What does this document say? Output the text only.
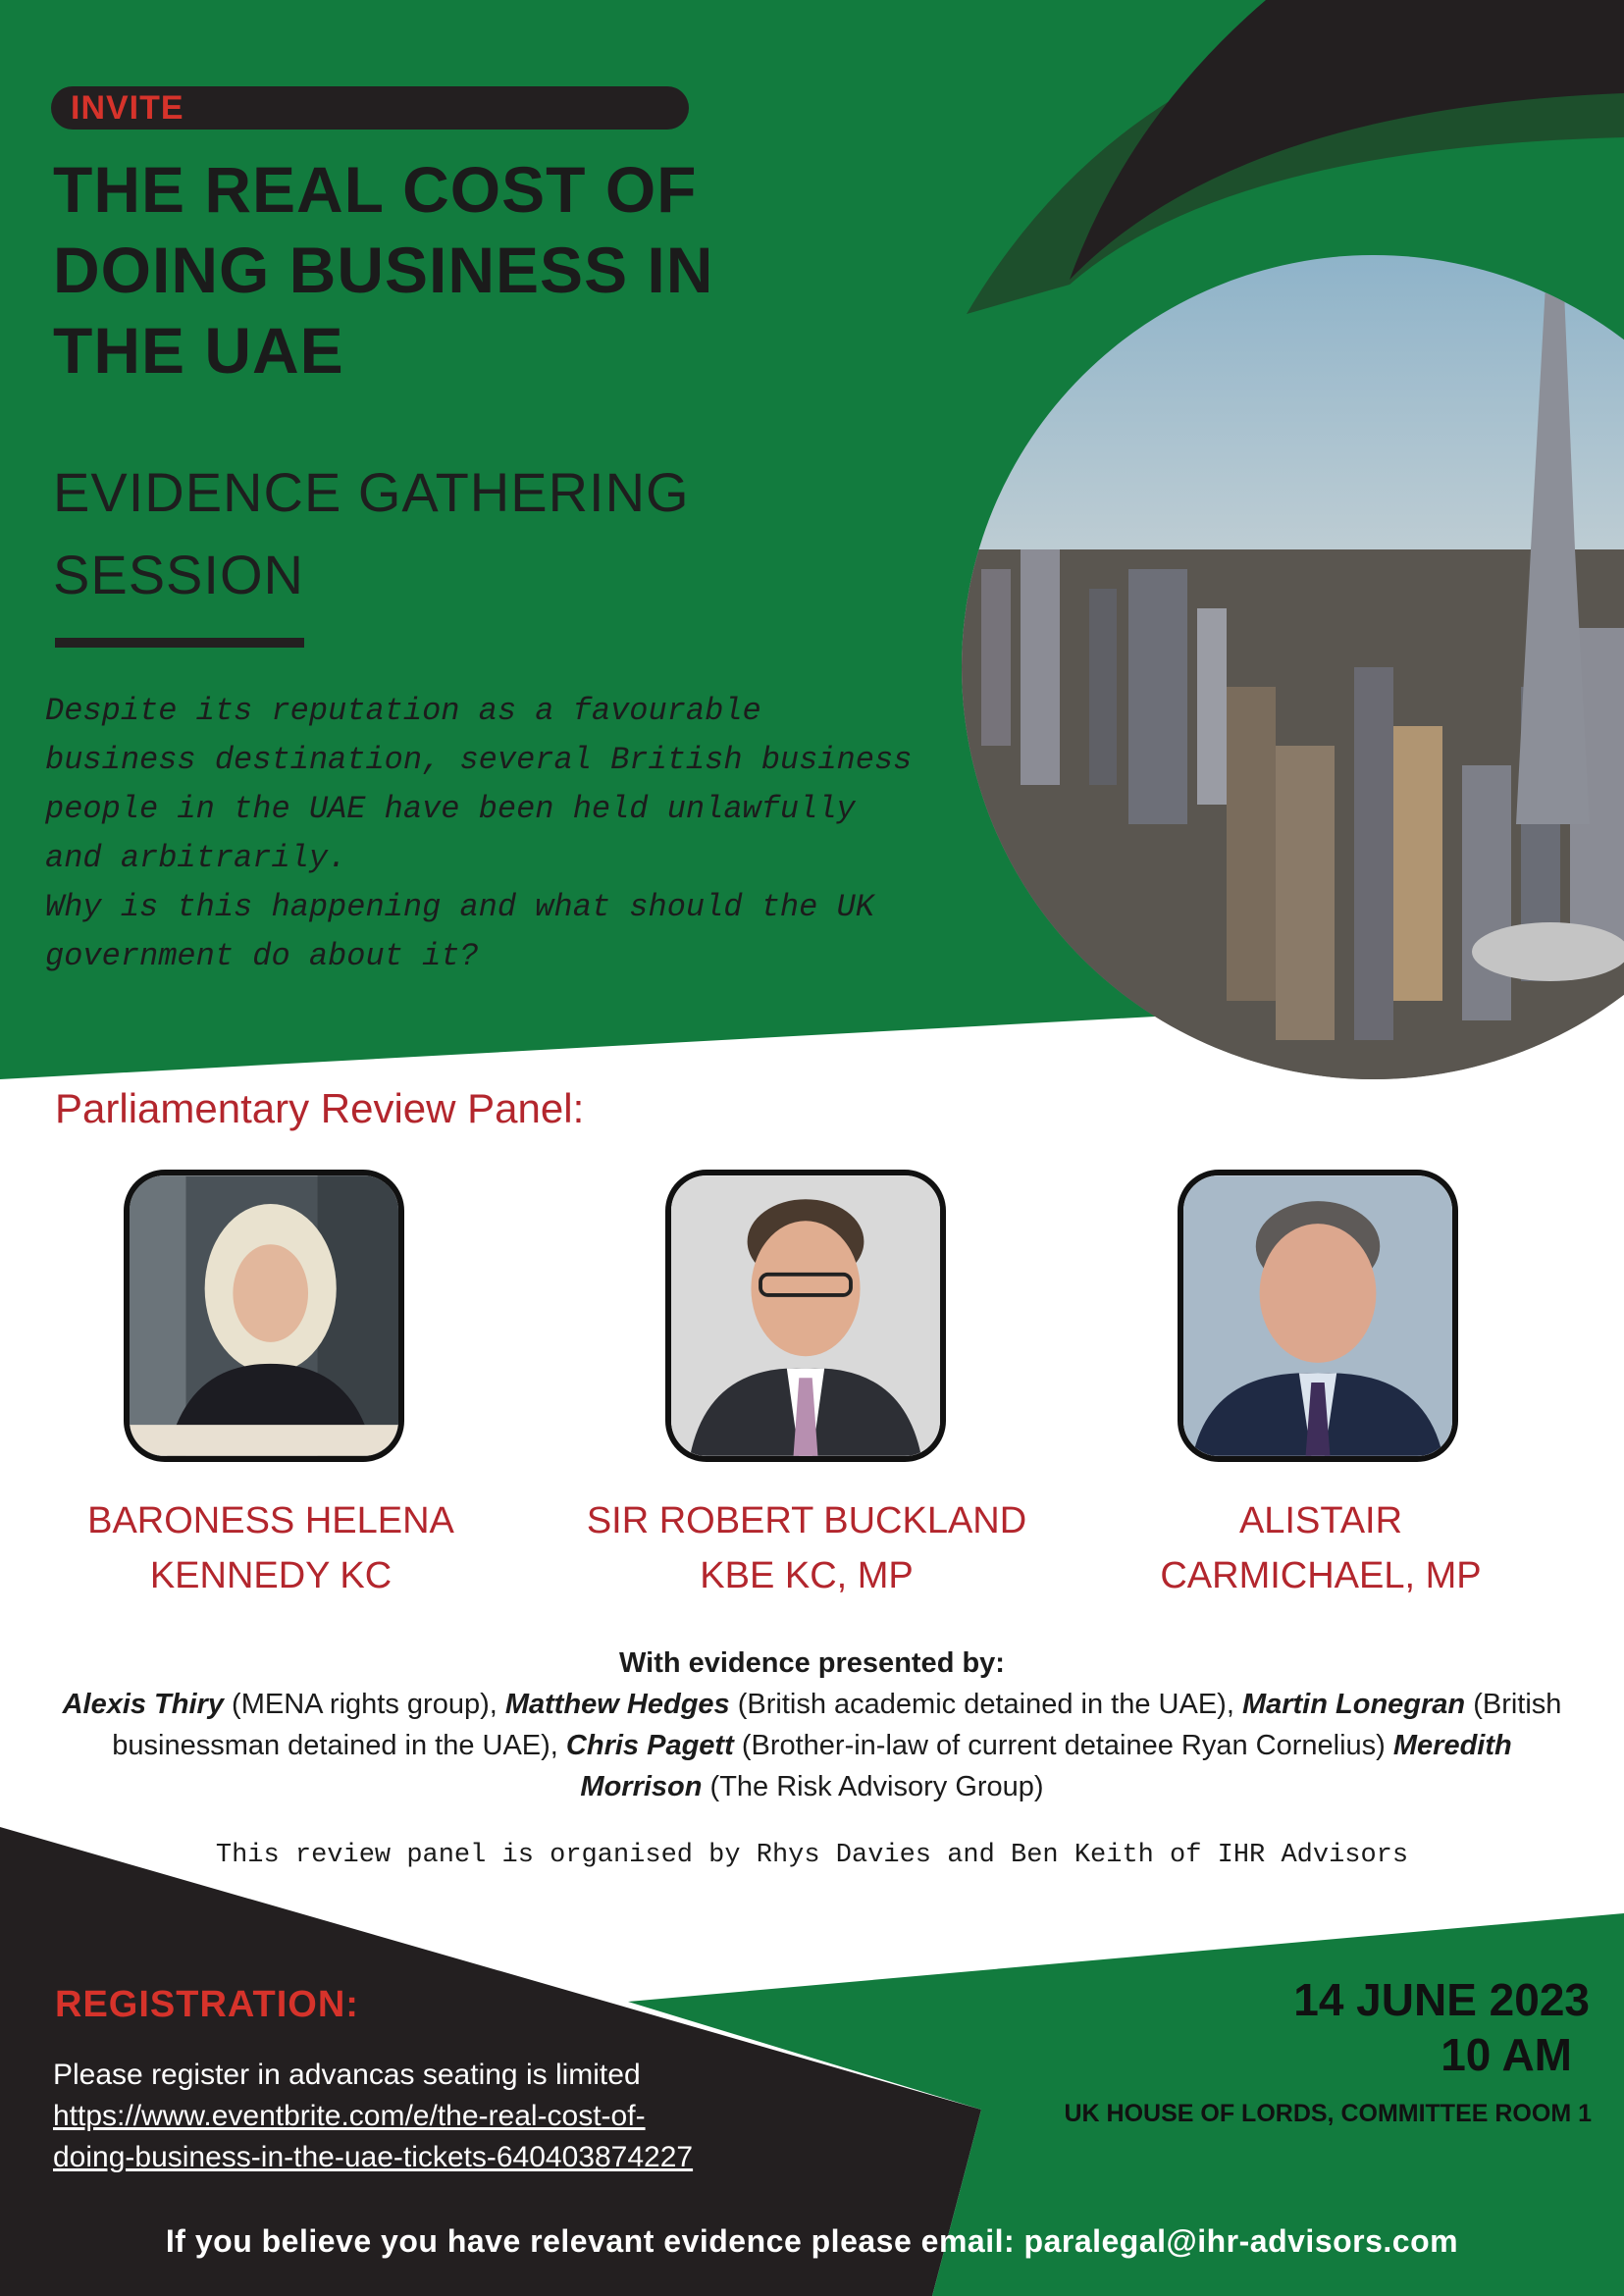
INVITE
THE REAL COST OF
DOING BUSINESS IN
THE UAE
EVIDENCE GATHERING
SESSION

Despite its reputation as a favourable

business destination, several British business

people in the UAE have been held unlawfully

and arbitrarily.

Why is this happening and what should the UK

government do about it?

Parliamentary Review Panel:
BARONESS HELENA
KENNEDY KC
SIR ROBERT BUCKLAND
KBE KC, MP
ALISTAIR
CARMICHAEL, MP
With evidence presented by:
Alexis Thiry (MENA rights group), Matthew Hedges (British academic detained in the UAE), Martin Lonegran (British businessman detained in the UAE), Chris Pagett (Brother-in-law of current detainee Ryan Cornelius) Meredith Morrison (The Risk Advisory Group)
This review panel is organised by Rhys Davies and Ben Keith of IHR Advisors
REGISTRATION:
Please register in advancas seating is limited
https://www.eventbrite.com/e/the-real-cost-of-
doing-business-in-the-uae-tickets-640403874227
14 JUNE 2023
10 AM
UK HOUSE OF LORDS, COMMITTEE ROOM 1
If you believe you have relevant evidence please email: paralegal@ihr-advisors.com
